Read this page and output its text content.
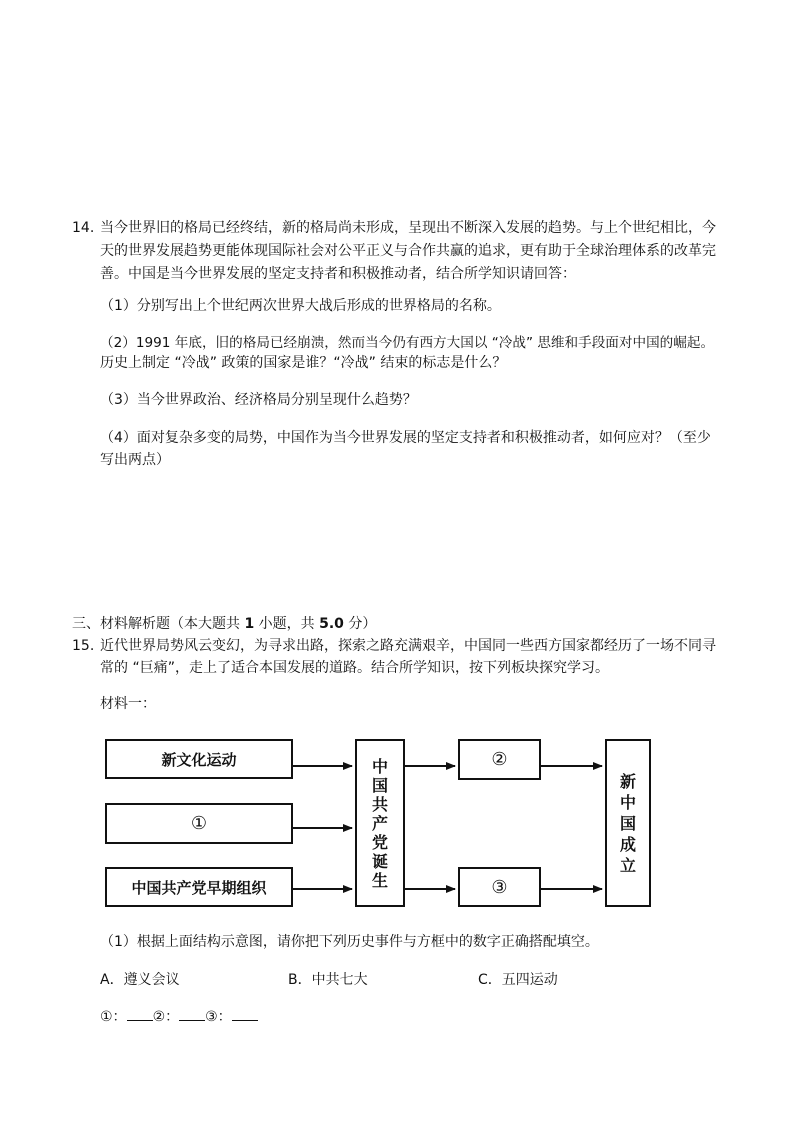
14. 当今世界旧的格局已经终结，新的格局尚未形成，呈现出不断深入发展的趋势。与上个世纪相比，今
天的世界发展趋势更能体现国际社会对公平正义与合作共赢的追求，更有助于全球治理体系的改革完
善。中国是当今世界发展的坚定支持者和积极推动者，结合所学知识请回答：
（1）分别写出上个世纪两次世界大战后形成的世界格局的名称。
（2）1991 年底，旧的格局已经崩溃，然而当今仍有西方大国以 “冷战” 思维和手段面对中国的崛起。
历史上制定 “冷战” 政策的国家是谁？“冷战” 结束的标志是什么？
（3）当今世界政治、经济格局分别呈现什么趋势？
（4）面对复杂多变的局势，中国作为当今世界发展的坚定支持者和积极推动者，如何应对？（至少
写出两点）
三、材料解析题（本大题共 1 小题，共 5.0 分）
15. 近代世界局势风云变幻，为寻求出路，探索之路充满艰辛，中国同一些西方国家都经历了一场不同寻
常的 “巨痛”，走上了适合本国发展的道路。结合所学知识，按下列板块探究学习。
材料一：
新文化运动
①
中国共产党早期组织
中
国
共
产
党
诞
生
②
③
新
中
国
成
立
（1）根据上面结构示意图，请你把下列历史事件与方框中的数字正确搭配填空。
A．遵义会议	B．中共七大	C．五四运动
①： ②： ③：
